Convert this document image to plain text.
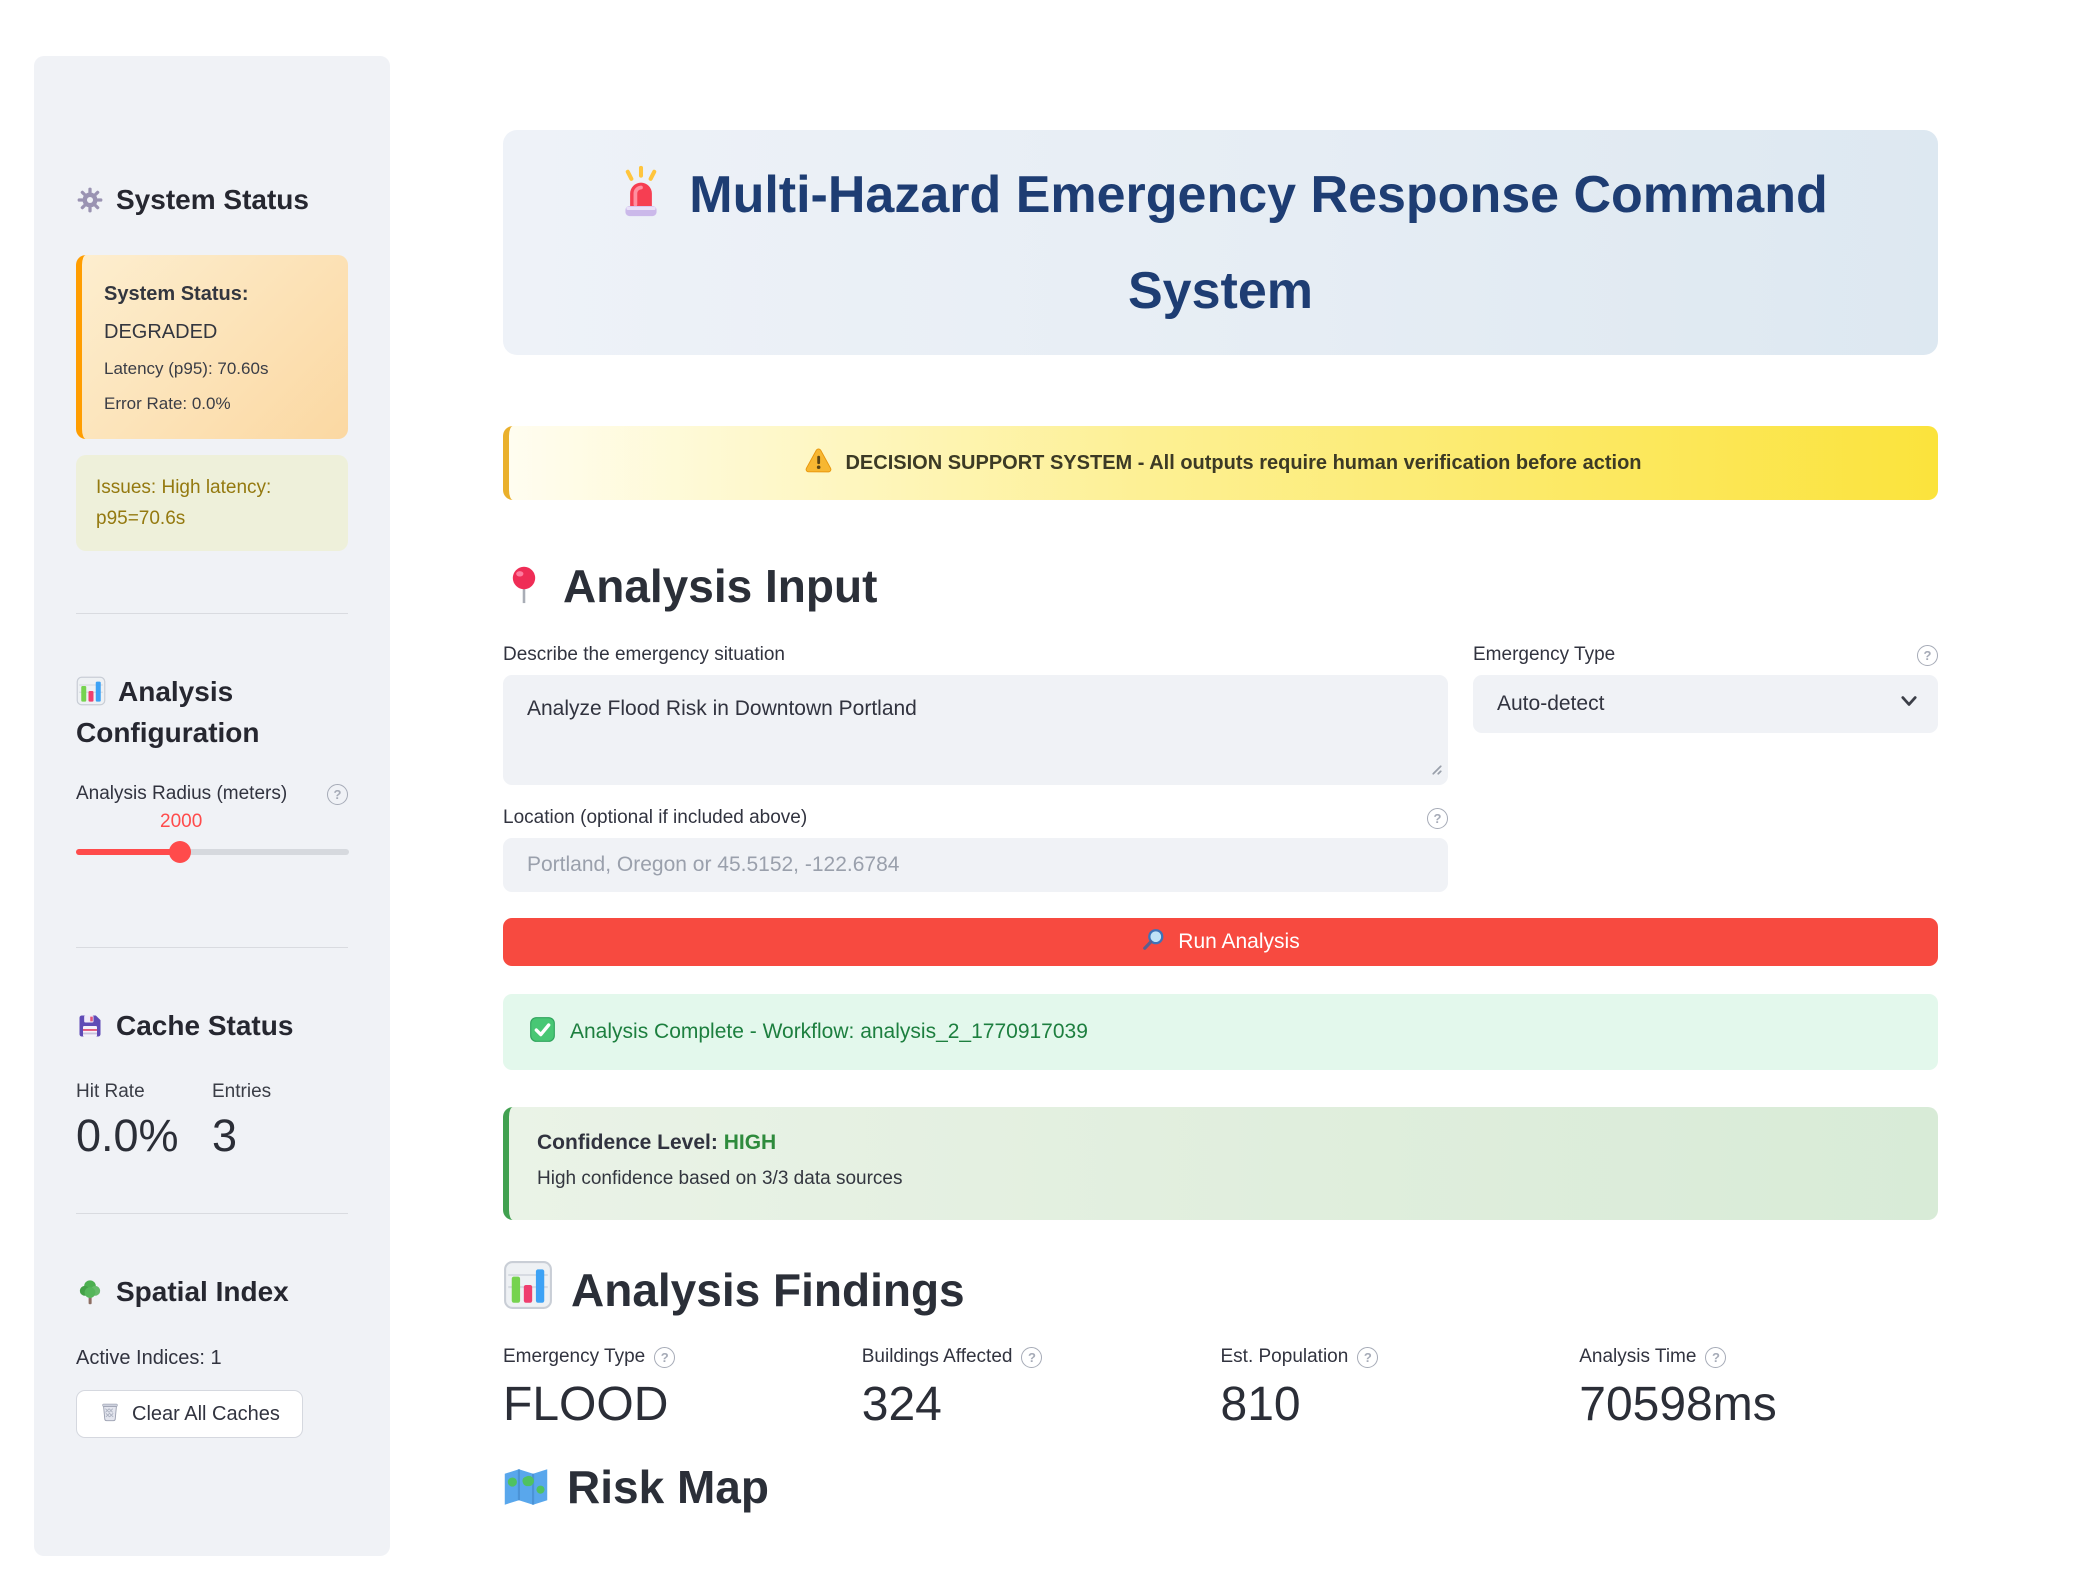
System Status
System Status:
DEGRADED
Latency (p95): 70.60s
Error Rate: 0.0%
Issues: High latency: p95=70.6s
Analysis Configuration
Analysis Radius (meters)
?
2000
Cache Status
Hit Rate
0.0%
Entries
3
Spatial Index
Active Indices: 1
Clear All Caches
Multi-Hazard Emergency Response Command System
DECISION SUPPORT SYSTEM - All outputs require human verification before action
Analysis Input
Describe the emergency situation
Analyze Flood Risk in Downtown Portland
Emergency Type
?
Auto-detect
Location (optional if included above)
?
Portland, Oregon or 45.5152, -122.6784
Run Analysis
Analysis Complete - Workflow: analysis_2_1770917039
Confidence Level: HIGH
High confidence based on 3/3 data sources
Analysis Findings
Emergency Type
?
FLOOD
Buildings Affected
?
324
Est. Population
?
810
Analysis Time
?
70598ms
Risk Map
